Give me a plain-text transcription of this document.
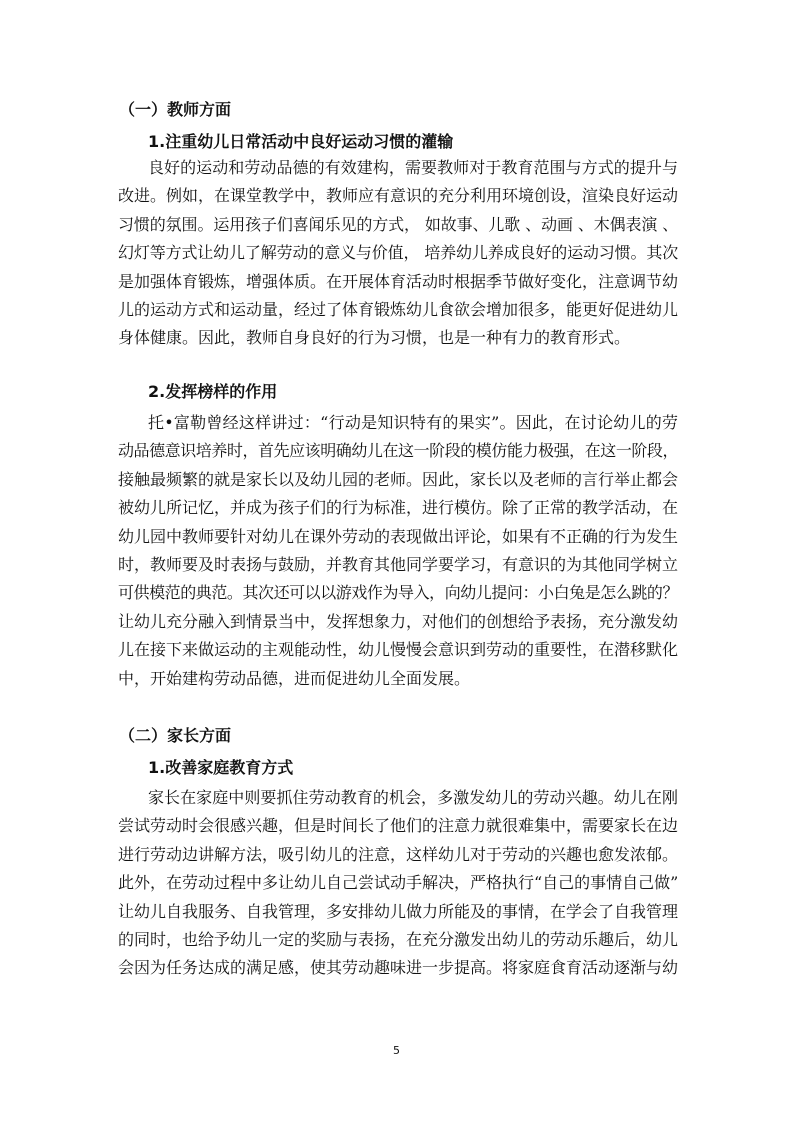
（一）教师方面
1.注重幼儿日常活动中良好运动习惯的灌输
良好的运动和劳动品德的有效建构，需要教师对于教育范围与方式的提升与
改进。例如，在课堂教学中，教师应有意识的充分利用环境创设，渲染良好运动
习惯的氛围。运用孩子们喜闻乐见的方式， 如故事、儿歌 、动画 、木偶表演 、
幻灯等方式让幼儿了解劳动的意义与价值， 培养幼儿养成良好的运动习惯。其次
是加强体育锻炼，增强体质。在开展体育活动时根据季节做好变化，注意调节幼
儿的运动方式和运动量，经过了体育锻炼幼儿食欲会增加很多，能更好促进幼儿
身体健康。因此，教师自身良好的行为习惯，也是一种有力的教育形式。
2.发挥榜样的作用
托•富勒曾经这样讲过：“行动是知识特有的果实”。因此，在讨论幼儿的劳
动品德意识培养时，首先应该明确幼儿在这一阶段的模仿能力极强，在这一阶段，
接触最频繁的就是家长以及幼儿园的老师。因此，家长以及老师的言行举止都会
被幼儿所记忆，并成为孩子们的行为标准，进行模仿。除了正常的教学活动，在
幼儿园中教师要针对幼儿在课外劳动的表现做出评论，如果有不正确的行为发生
时，教师要及时表扬与鼓励，并教育其他同学要学习，有意识的为其他同学树立
可供模范的典范。其次还可以以游戏作为导入，向幼儿提问：小白兔是怎么跳的？
让幼儿充分融入到情景当中，发挥想象力，对他们的创想给予表扬，充分激发幼
儿在接下来做运动的主观能动性，幼儿慢慢会意识到劳动的重要性，在潜移默化
中，开始建构劳动品德，进而促进幼儿全面发展。
（二）家长方面
1.改善家庭教育方式
家长在家庭中则要抓住劳动教育的机会，多激发幼儿的劳动兴趣。幼儿在刚
尝试劳动时会很感兴趣，但是时间长了他们的注意力就很难集中，需要家长在边
进行劳动边讲解方法，吸引幼儿的注意，这样幼儿对于劳动的兴趣也愈发浓郁。
此外，在劳动过程中多让幼儿自己尝试动手解决，严格执行“自己的事情自己做”
让幼儿自我服务、自我管理，多安排幼儿做力所能及的事情，在学会了自我管理
的同时，也给予幼儿一定的奖励与表扬，在充分激发出幼儿的劳动乐趣后，幼儿
会因为任务达成的满足感，使其劳动趣味进一步提高。将家庭食育活动逐渐与幼
5
